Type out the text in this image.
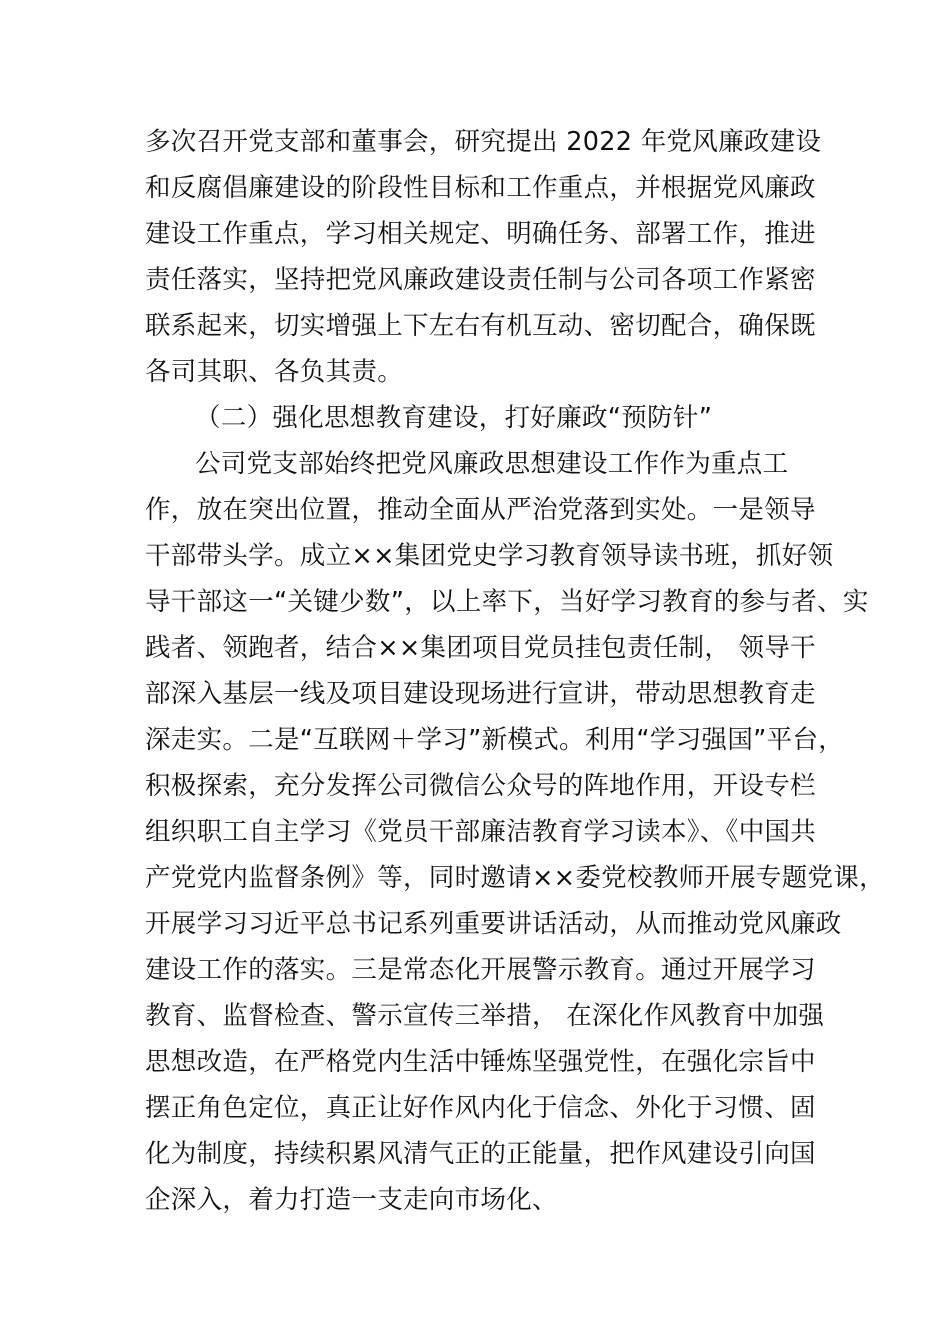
多次召开党支部和董事会，研究提出 2022 年党风廉政建设
和反腐倡廉建设的阶段性目标和工作重点，并根据党风廉政
建设工作重点，学习相关规定、明确任务、部署工作，推进
责任落实，坚持把党风廉政建设责任制与公司各项工作紧密
联系起来，切实增强上下左右有机互动、密切配合，确保既
各司其职、各负其责。
（二）强化思想教育建设，打好廉政“预防针”
公司党支部始终把党风廉政思想建设工作作为重点工
作，放在突出位置，推动全面从严治党落到实处。一是领导
干部带头学。成立××集团党史学习教育领导读书班，抓好领
导干部这一“关键少数”，以上率下，当好学习教育的参与者、实
践者、领跑者，结合××集团项目党员挂包责任制， 领导干
部深入基层一线及项目建设现场进行宣讲，带动思想教育走
深走实。二是“互联网＋学习”新模式。利用“学习强国”平台，
积极探索，充分发挥公司微信公众号的阵地作用，开设专栏
组织职工自主学习《党员干部廉洁教育学习读本》、《中国共
产党党内监督条例》等，同时邀请××委党校教师开展专题党课，
开展学习习近平总书记系列重要讲话活动，从而推动党风廉政
建设工作的落实。三是常态化开展警示教育。通过开展学习
教育、监督检查、警示宣传三举措， 在深化作风教育中加强
思想改造，在严格党内生活中锤炼坚强党性，在强化宗旨中
摆正角色定位，真正让好作风内化于信念、外化于习惯、固
化为制度，持续积累风清气正的正能量，把作风建设引向国
企深入，着力打造一支走向市场化、
